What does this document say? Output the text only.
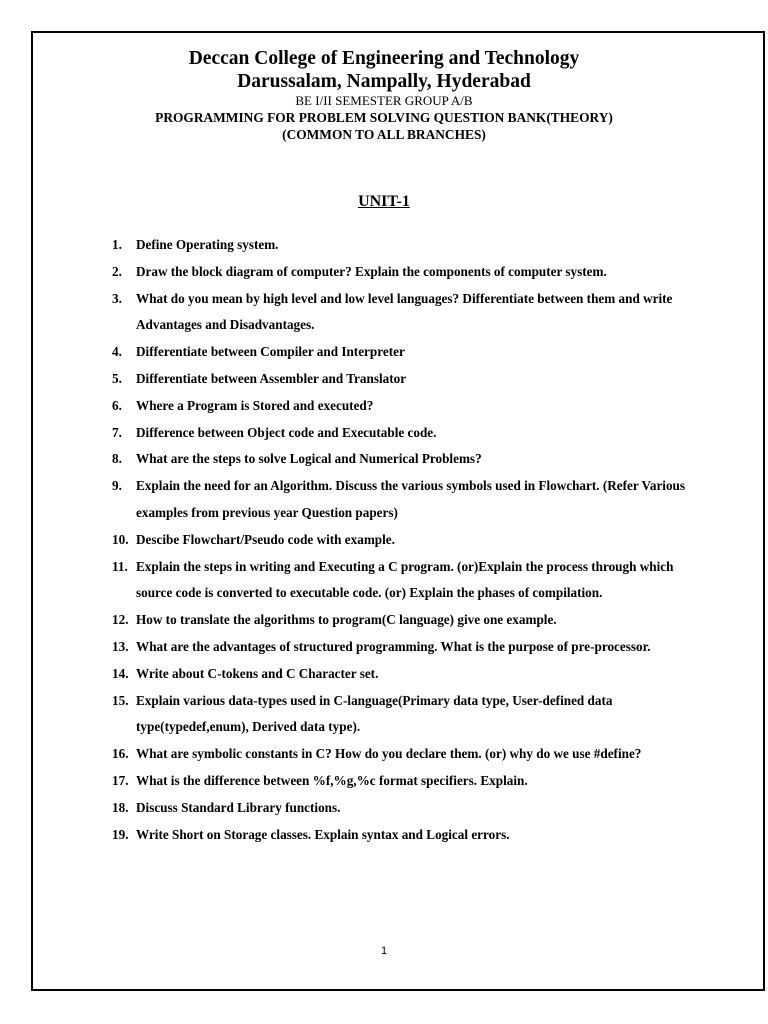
Deccan College of Engineering and Technology

Darussalam, Nampally, Hyderabad

BE I/II SEMESTER GROUP A/B

PROGRAMMING FOR PROBLEM SOLVING QUESTION BANK(THEORY)

(COMMON TO ALL BRANCHES)

UNIT-1
1. Define Operating system.
2. Draw the block diagram of computer? Explain the components of computer system.
3. What do you mean by high level and low level languages? Differentiate between them and write Advantages and Disadvantages.
4. Differentiate between Compiler and Interpreter
5. Differentiate between Assembler and Translator
6. Where a Program is Stored and executed?
7. Difference between Object code and Executable code.
8. What are the steps to solve Logical and Numerical Problems?
9. Explain the need for an Algorithm. Discuss the various symbols used in Flowchart. (Refer Various examples from previous year Question papers)
10. Descibe Flowchart/Pseudo code with example.
11. Explain the steps in writing and Executing a C program. (or)Explain the process through which source code is converted to executable code. (or) Explain the phases of compilation.
12. How to translate the algorithms to program(C language) give one example.
13. What are the advantages of structured programming. What is the purpose of pre-processor.
14. Write about C-tokens and C Character set.
15. Explain various data-types used in C-language(Primary data type, User-defined data type(typedef,enum), Derived data type).
16. What are symbolic constants in C? How do you declare them. (or) why do we use #define?
17. What is the difference between %f,%g,%c format specifiers. Explain.
18. Discuss Standard Library functions.
19. Write Short on Storage classes. Explain syntax and Logical errors.
1
